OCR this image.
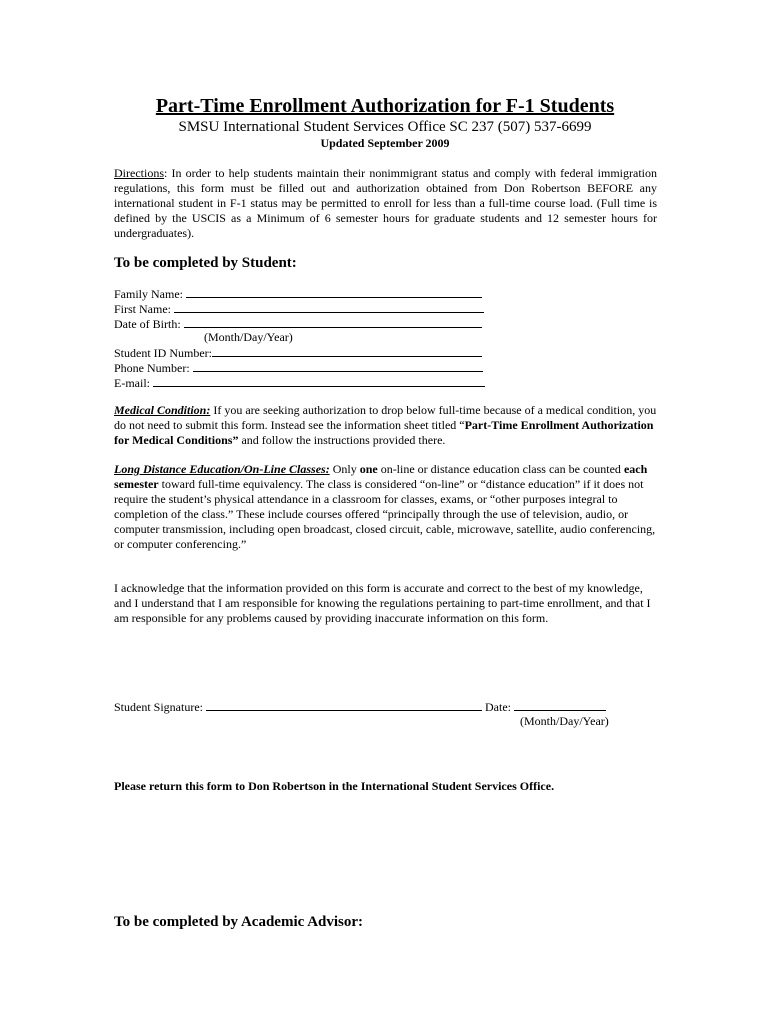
Part-Time Enrollment Authorization for F-1 Students
SMSU International Student Services Office SC 237 (507) 537-6699
Updated September 2009
Directions: In order to help students maintain their nonimmigrant status and comply with federal immigration regulations, this form must be filled out and authorization obtained from Don Robertson BEFORE any international student in F-1 status may be permitted to enroll for less than a full-time course load. (Full time is defined by the USCIS as a Minimum of 6 semester hours for graduate students and 12 semester hours for undergraduates).
To be completed by Student:
Family Name:
First Name:
Date of Birth:
(Month/Day/Year)
Student ID Number:
Phone Number:
E-mail:
Medical Condition: If you are seeking authorization to drop below full-time because of a medical condition, you do not need to submit this form. Instead see the information sheet titled “Part-Time Enrollment Authorization for Medical Conditions” and follow the instructions provided there.
Long Distance Education/On-Line Classes: Only one on-line or distance education class can be counted each semester toward full-time equivalency. The class is considered “on-line” or “distance education” if it does not require the student’s physical attendance in a classroom for classes, exams, or “other purposes integral to completion of the class.” These include courses offered “principally through the use of television, audio, or computer transmission, including open broadcast, closed circuit, cable, microwave, satellite, audio conferencing, or computer conferencing.”
I acknowledge that the information provided on this form is accurate and correct to the best of my knowledge, and I understand that I am responsible for knowing the regulations pertaining to part-time enrollment, and that I am responsible for any problems caused by providing inaccurate information on this form.
Student Signature:	Date:
(Month/Day/Year)
Please return this form to Don Robertson in the International Student Services Office.
To be completed by Academic Advisor:
